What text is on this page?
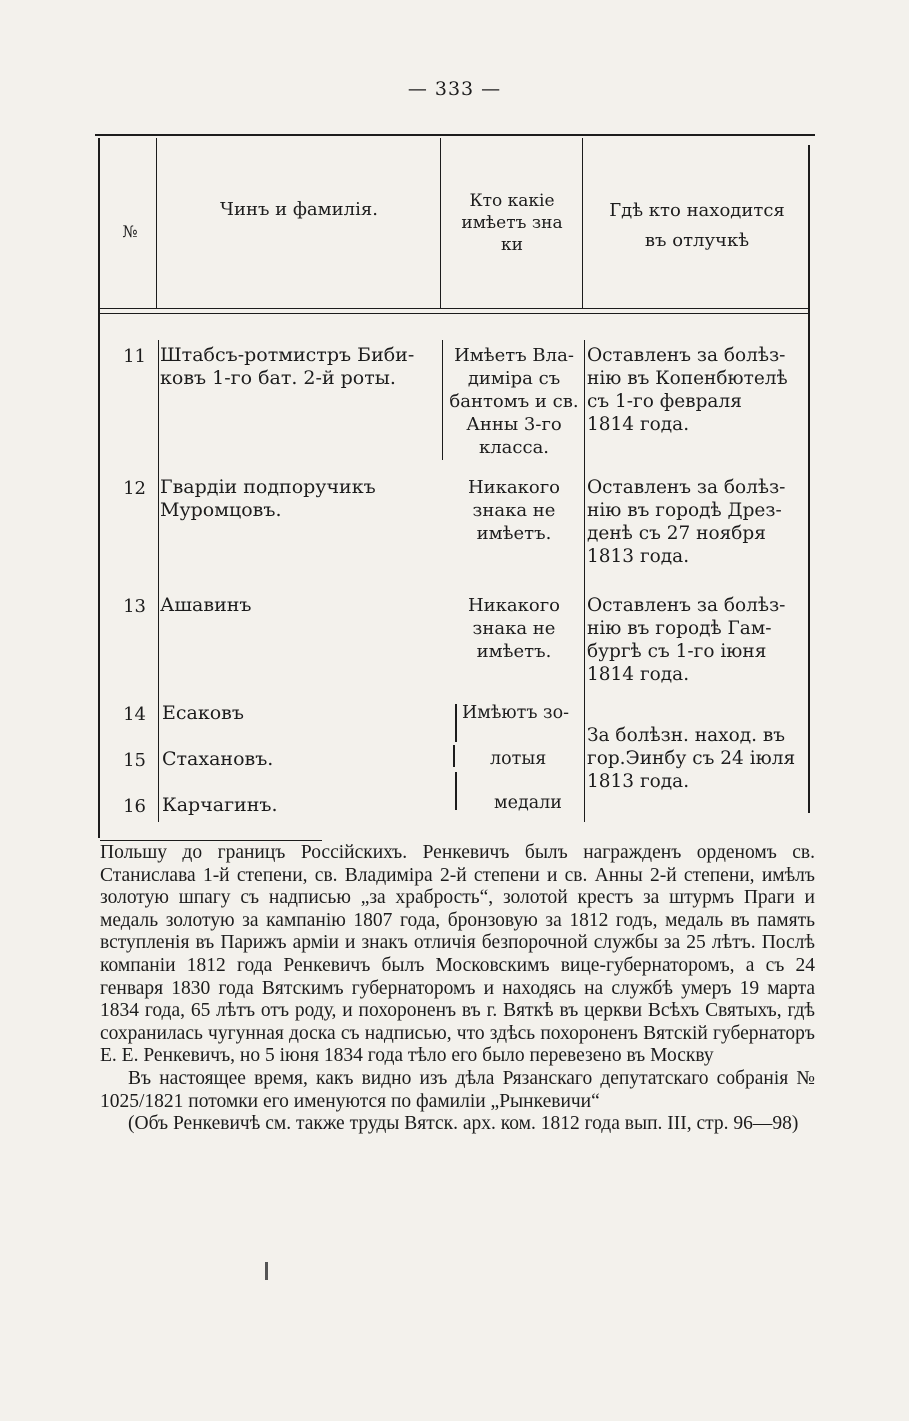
— 333 —
№
Чинъ и фамилія.	Кто какіе
имѣетъ зна
ки
Гдѣ кто находится
въ отлучкѣ
11 Штабсъ-ротмистръ Биби-
ковъ 1-го бат. 2-й роты.
Имѣетъ Вла-
диміра съ
бантомъ и св.
Анны 3-го
класса.
Оставленъ за болѣз-
нію въ Копенбютелѣ
съ 1-го февраля
1814 года.
12 Гвардіи подпоручикъ
Муромцовъ.
Никакого
знака не
имѣетъ.
Оставленъ за болѣз-
нію въ городѣ Дрез-
денѣ съ 27 ноября
1813 года.
13 Ашавинъ	Никакого
знака не
имѣетъ.
Оставленъ за болѣз-
нію въ городѣ Гам-
бургѣ съ 1-го іюня
1814 года.
14 Есаковъ
15 Стахановъ.
16 Карчагинъ.
Имѣютъ зо-
лотыя
медали
За болѣзн. наход. въ
гор.Эинбу съ 24 іюля
1813 года.

Польшу до границъ Россійскихъ. Ренкевичъ былъ награжденъ орденомъ св. Станислава 1-й степени, св. Владиміра 2-й степени и св. Анны 2-й степени, имѣлъ золотую шпагу съ надписью „за храбрость“, золотой крестъ за штурмъ Праги и медаль золотую за кампанію 1807 года, бронзовую за 1812 годъ, медаль въ память вступленія въ Парижъ арміи и знакъ отличія безпорочной службы за 25 лѣтъ. Послѣ компаніи 1812 года Ренкевичъ былъ Московскимъ вице-губернаторомъ, а съ 24 генваря 1830 года Вятскимъ губернаторомъ и находясь на службѣ умеръ 19 марта 1834 года, 65 лѣтъ отъ роду, и похороненъ въ г. Вяткѣ въ церкви Всѣхъ Святыхъ, гдѣ сохранилась чугунная доска съ надписью, что здѣсь похороненъ Вятскій губернаторъ Е. Е. Ренкевичъ, но 5 іюня 1834 года тѣло его было перевезено въ Москву

Въ настоящее время, какъ видно изъ дѣла Рязанскаго депутатскаго собранія № 1025/1821 потомки его именуются по фамиліи „Рынкевичи“

(Объ Ренкевичѣ см. также труды Вятск. арх. ком. 1812 года вып. III, стр. 96—98)
